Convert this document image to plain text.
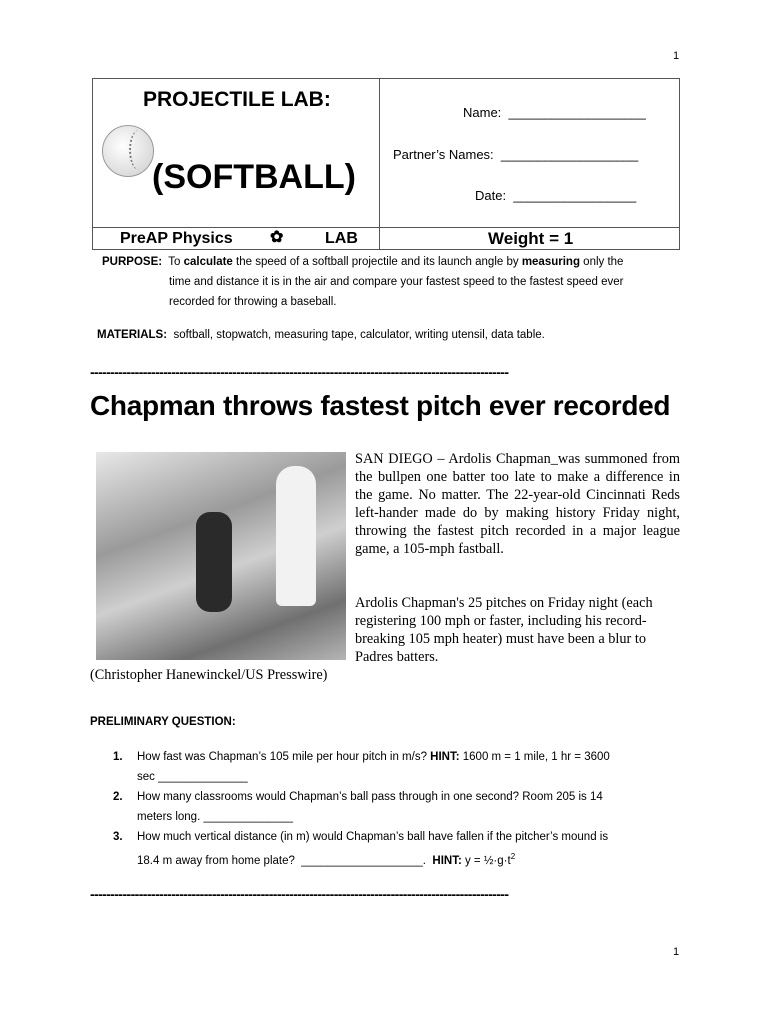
1
PROJECTILE LAB:
(SOFTBALL)
Name: ___________________
Partner’s Names: ___________________
Date: _________________
PreAP Physics ✿	LAB	Weight = 1
PURPOSE: To calculate the speed of a softball projectile and its launch angle by measuring only the
time and distance it is in the air and compare your fastest speed to the fastest speed ever
recorded for throwing a baseball.
MATERIALS: softball, stopwatch, measuring tape, calculator, writing utensil, data table.
-------------------------------------------------------------------------------------------------------
Chapman throws fastest pitch ever recorded
(Christopher Hanewinckel/US Presswire)
SAN DIEGO – Ardolis Chapman_was summoned from the bullpen one batter too late to make a difference in the game. No matter. The 22-year-old Cincinnati Reds left-hander made do by making history Friday night, throwing the fastest pitch recorded in a major league game, a 105-mph fastball.
Ardolis Chapman's 25 pitches on Friday night (each registering 100 mph or faster, including his record-breaking 105 mph heater) must have been a blur to Padres batters.
PRELIMINARY QUESTION:
1. How fast was Chapman’s 105 mile per hour pitch in m/s? HINT: 1600 m = 1 mile, 1 hr = 3600
sec ______________
2. How many classrooms would Chapman’s ball pass through in one second? Room 205 is 14
meters long. ______________
3. How much vertical distance (in m) would Chapman’s ball have fallen if the pitcher’s mound is
18.4 m away from home plate?  ___________________.  HINT: $y = \frac{1}{2}\cdot g\cdot t^2$
-------------------------------------------------------------------------------------------------------
1
